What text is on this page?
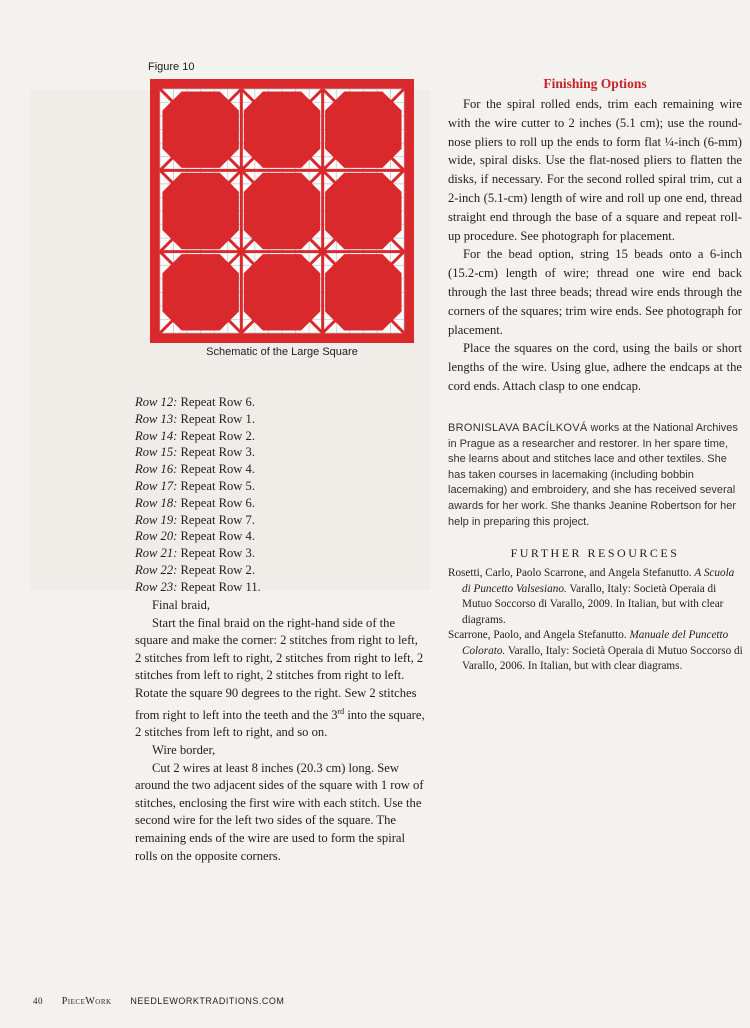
Figure 10
Schematic of the Large Square
Row 12: Repeat Row 6.
Row 13: Repeat Row 1.
Row 14: Repeat Row 2.
Row 15: Repeat Row 3.
Row 16: Repeat Row 4.
Row 17: Repeat Row 5.
Row 18: Repeat Row 6.
Row 19: Repeat Row 7.
Row 20: Repeat Row 4.
Row 21: Repeat Row 3.
Row 22: Repeat Row 2.
Row 23: Repeat Row 11.

Final braid,

Start the final braid on the right-hand side of the square and make the corner: 2 stitches from right to left, 2 stitches from left to right, 2 stitches from right to left, 2 stitches from left to right, 2 stitches from right to left. Rotate the square 90 degrees to the right. Sew 2 stitches from right to left into the teeth and the 3rd into the square, 2 stitches from left to right, and so on.

Wire border,

Cut 2 wires at least 8 inches (20.3 cm) long. Sew around the two adjacent sides of the square with 1 row of stitches, enclosing the first wire with each stitch. Use the second wire for the left two sides of the square. The remaining ends of the wire are used to form the spiral rolls on the opposite corners.

Finishing Options

For the spiral rolled ends, trim each remaining wire with the wire cutter to 2 inches (5.1 cm); use the round-nose pliers to roll up the ends to form flat ¼-inch (6-mm) wide, spiral disks. Use the flat-nosed pliers to flatten the disks, if necessary. For the second rolled spiral trim, cut a 2-inch (5.1-cm) length of wire and roll up one end, thread straight end through the base of a square and repeat roll-up procedure. See photograph for placement.

For the bead option, string 15 beads onto a 6-inch (15.2-cm) length of wire; thread one wire end back through the last three beads; thread wire ends through the corners of the squares; trim wire ends. See photograph for placement.

Place the squares on the cord, using the bails or short lengths of the wire. Using glue, adhere the endcaps at the cord ends. Attach clasp to one endcap.

BRONISLAVA BACÍLKOVÁ works at the National Archives in Prague as a researcher and restorer. In her spare time, she learns about and stitches lace and other textiles. She has taken courses in lacemaking (including bobbin lacemaking) and embroidery, and she has received several awards for her work. She thanks Jeanine Robertson for her help in preparing this project.
FURTHER RESOURCES

Rosetti, Carlo, Paolo Scarrone, and Angela Stefanutto. A Scuola di Puncetto Valsesiano. Varallo, Italy: Società Operaia di Mutuo Soccorso di Varallo, 2009. In Italian, but with clear diagrams.

Scarrone, Paolo, and Angela Stefanutto. Manuale del Puncetto Colorato. Varallo, Italy: Società Operaia di Mutuo Soccorso di Varallo, 2006. In Italian, but with clear diagrams.

40 PieceWork NEEDLEWORKTRADITIONS.COM
